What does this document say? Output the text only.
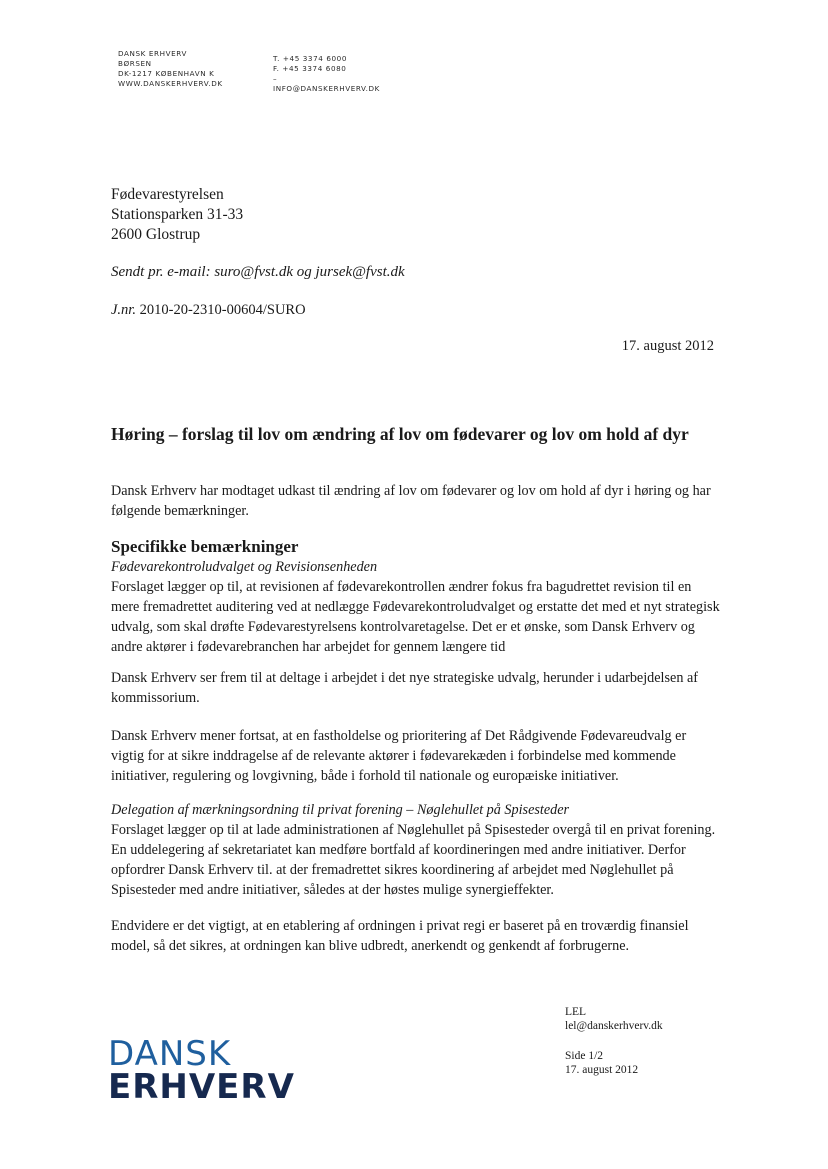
DANSK ERHVERV
BØRSEN
DK-1217 KØBENHAVN K
WWW.DANSKERHVERV.DK
T. +45 3374 6000
F. +45 3374 6080
–
INFO@DANSKERHVERV.DK
Fødevarestyrelsen
Stationsparken 31-33
2600 Glostrup
Sendt pr. e-mail: suro@fvst.dk og jursek@fvst.dk
J.nr. 2010-20-2310-00604/SURO
17. august 2012
Høring – forslag til lov om ændring af lov om fødevarer og lov om hold af dyr

Dansk Erhverv har modtaget udkast til ændring af lov om fødevarer og lov om hold af dyr i høring og har følgende bemærkninger.

Specifikke bemærkninger

Fødevarekontroludvalget og Revisionsenheden

Forslaget lægger op til, at revisionen af fødevarekontrollen ændrer fokus fra bagudrettet revision til en mere fremadrettet auditering ved at nedlægge Fødevarekontroludvalget og erstatte det med et nyt strategisk udvalg, som skal drøfte Fødevarestyrelsens kontrolvaretagelse. Det er et ønske, som Dansk Erhverv og andre aktører i fødevarebranchen har arbejdet for gennem længere tid

Dansk Erhverv ser frem til at deltage i arbejdet i det nye strategiske udvalg, herunder i udarbejdelsen af kommissorium.

Dansk Erhverv mener fortsat, at en fastholdelse og prioritering af Det Rådgivende Fødevareudvalg er vigtig for at sikre inddragelse af de relevante aktører i fødevarekæden i forbindelse med kommende initiativer, regulering og lovgivning, både i forhold til nationale og europæiske initiativer.

Delegation af mærkningsordning til privat forening – Nøglehullet på Spisesteder

Forslaget lægger op til at lade administrationen af Nøglehullet på Spisesteder overgå til en privat forening. En uddelegering af sekretariatet kan medføre bortfald af koordineringen med andre initiativer. Derfor opfordrer Dansk Erhverv til. at der fremadrettet sikres koordinering af arbejdet med Nøglehullet på Spisesteder med andre initiativer, således at der høstes mulige synergieffekter.

Endvidere er det vigtigt, at en etablering af ordningen i privat regi er baseret på en troværdig finansiel model, så det sikres, at ordningen kan blive udbredt, anerkendt og genkendt af forbrugerne.

LEL
lel@danskerhverv.dk
Side 1/2
17. august 2012
DANSK
ERHVERV
